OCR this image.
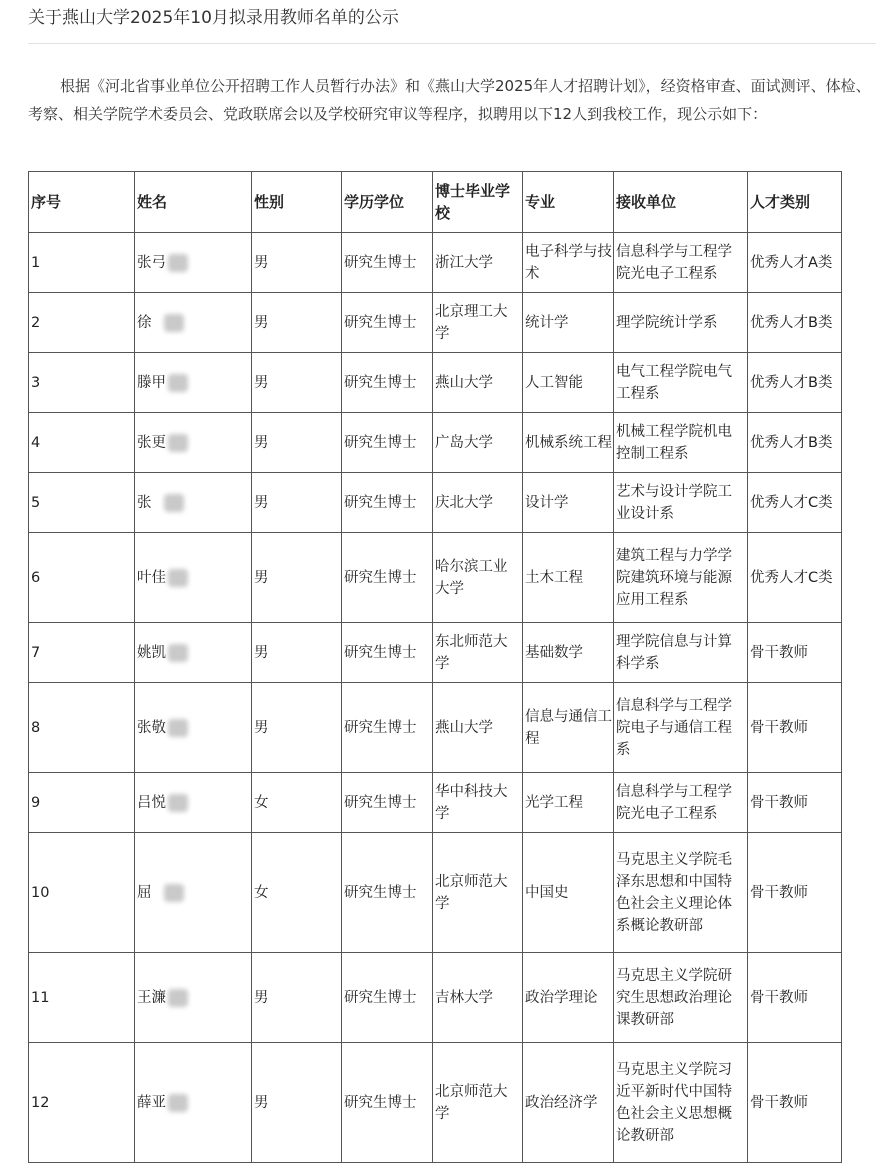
关于燕山大学2025年10月拟录用教师名单的公示

根据《河北省事业单位公开招聘工作人员暂行办法》和《燕山大学2025年人才招聘计划》，经资格审查、面试测评、体检、考察、相关学院学术委员会、党政联席会以及学校研究审议等程序，拟聘用以下12人到我校工作，现公示如下：

序号	姓名	性别	学历学位	博士毕业学校	专业	接收单位	人才类别
1	张弓	男	研究生博士	浙江大学	电子科学与技术	信息科学与工程学院光电子工程系	优秀人才A类
2	徐	男	研究生博士	北京理工大学	统计学	理学院统计学系	优秀人才B类
3	滕甲	男	研究生博士	燕山大学	人工智能	电气工程学院电气工程系	优秀人才B类
4	张更	男	研究生博士	广岛大学	机械系统工程	机械工程学院机电控制工程系	优秀人才B类
5	张	男	研究生博士	庆北大学	设计学	艺术与设计学院工业设计系	优秀人才C类
6	叶佳	男	研究生博士	哈尔滨工业大学	土木工程	建筑工程与力学学院建筑环境与能源应用工程系	优秀人才C类
7	姚凯	男	研究生博士	东北师范大学	基础数学	理学院信息与计算科学系	骨干教师
8	张敬	男	研究生博士	燕山大学	信息与通信工程	信息科学与工程学院电子与通信工程系	骨干教师
9	吕悦	女	研究生博士	华中科技大学	光学工程	信息科学与工程学院光电子工程系	骨干教师
10	屈	女	研究生博士	北京师范大学	中国史	马克思主义学院毛泽东思想和中国特色社会主义理论体系概论教研部	骨干教师
11	王濂	男	研究生博士	吉林大学	政治学理论	马克思主义学院研究生思想政治理论课教研部	骨干教师
12	薛亚	男	研究生博士	北京师范大学	政治经济学	马克思主义学院习近平新时代中国特色社会主义思想概论教研部	骨干教师
